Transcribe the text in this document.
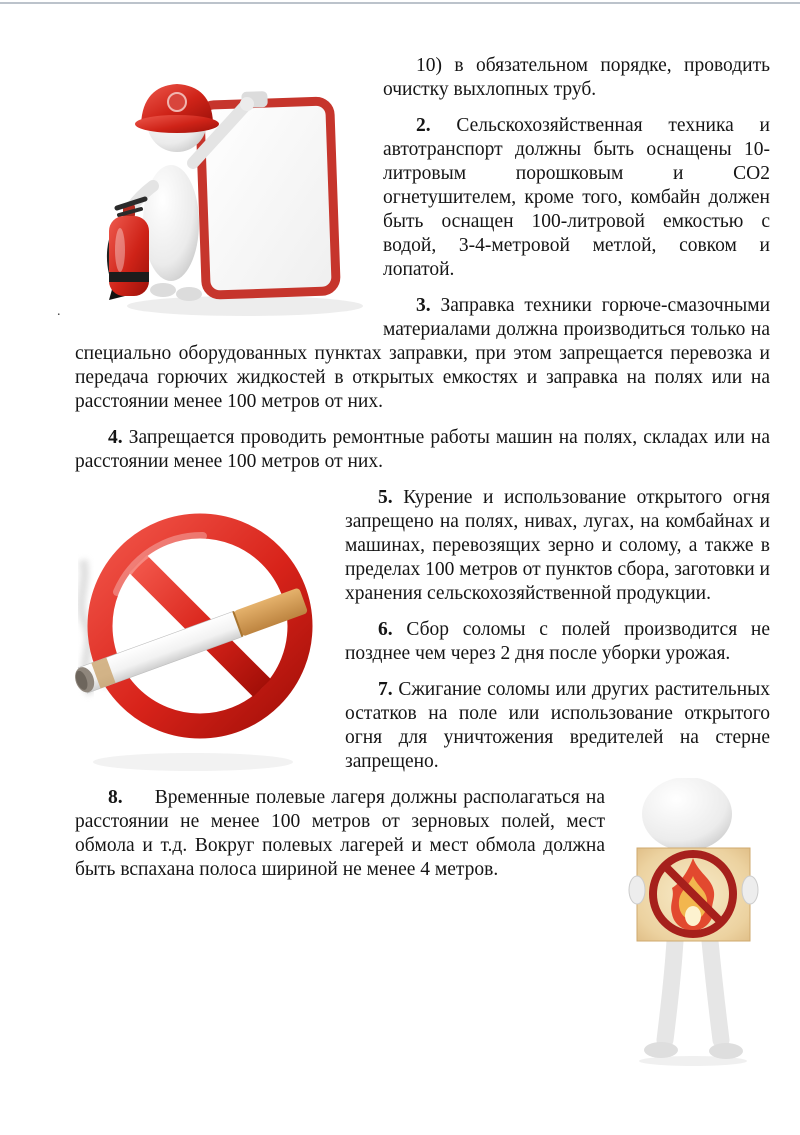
.

10) в обязательном порядке, проводить очистку выхлопных труб.

2. Сельскохозяйственная техника и автотранспорт должны быть оснащены 10-литровым порошковым и CO2 огнетушителем, кроме того, комбайн должен быть оснащен 100-литровой емкостью с водой, 3-4-метровой метлой, совком и лопатой.

3. Заправка техники горюче-смазочными материалами должна производиться только на специально оборудованных пунктах заправки, при этом запрещается перевозка и передача горючих жидкостей в открытых емкостях и заправка на полях или на расстоянии менее 100 метров от них.

4. Запрещается проводить ремонтные работы машин на полях, складах или на расстоянии менее 100 метров от них.

5. Курение и использование открытого огня запрещено на полях, нивах, лугах, на комбайнах и машинах, перевозящих зерно и солому, а также в пределах 100 метров от пунктов сбора, заготовки и хранения сельскохозяйственной продукции.

6. Сбор соломы с полей производится не позднее чем через 2 дня после уборки урожая.

7. Сжигание соломы или других растительных остатков на поле или использование открытого огня для уничтожения вредителей на стерне запрещено.

8. Временные полевые лагеря должны располагаться на расстоянии не менее 100 метров от зерновых полей, мест обмола и т.д. Вокруг полевых лагерей и мест обмола должна быть вспахана полоса шириной не менее 4 метров.
